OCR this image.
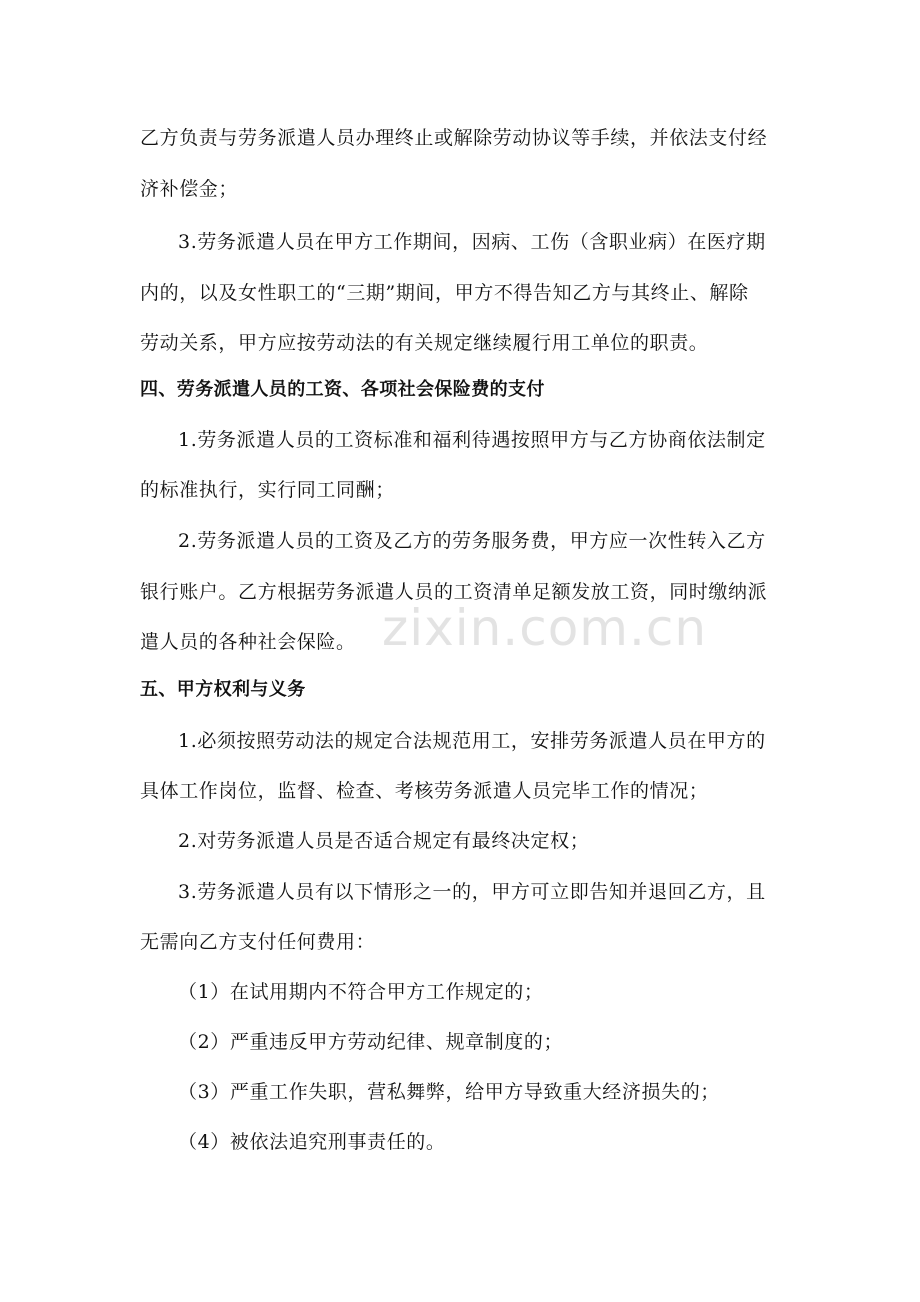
zixin.com.cn
乙方负责与劳务派遣人员办理终止或解除劳动协议等手续，并依法支付经
济补偿金；
3.劳务派遣人员在甲方工作期间，因病、工伤（含职业病）在医疗期
内的，以及女性职工的“三期”期间，甲方不得告知乙方与其终止、解除
劳动关系，甲方应按劳动法的有关规定继续履行用工单位的职责。
四、劳务派遣人员的工资、各项社会保险费的支付
1.劳务派遣人员的工资标准和福利待遇按照甲方与乙方协商依法制定
的标准执行，实行同工同酬；
2.劳务派遣人员的工资及乙方的劳务服务费，甲方应一次性转入乙方
银行账户。乙方根据劳务派遣人员的工资清单足额发放工资，同时缴纳派
遣人员的各种社会保险。
五、甲方权利与义务
1.必须按照劳动法的规定合法规范用工，安排劳务派遣人员在甲方的
具体工作岗位，监督、检查、考核劳务派遣人员完毕工作的情况；
2.对劳务派遣人员是否适合规定有最终决定权；
3.劳务派遣人员有以下情形之一的，甲方可立即告知并退回乙方，且
无需向乙方支付任何费用：
（1）在试用期内不符合甲方工作规定的；
（2）严重违反甲方劳动纪律、规章制度的；
（3）严重工作失职，营私舞弊，给甲方导致重大经济损失的；
（4）被依法追究刑事责任的。
